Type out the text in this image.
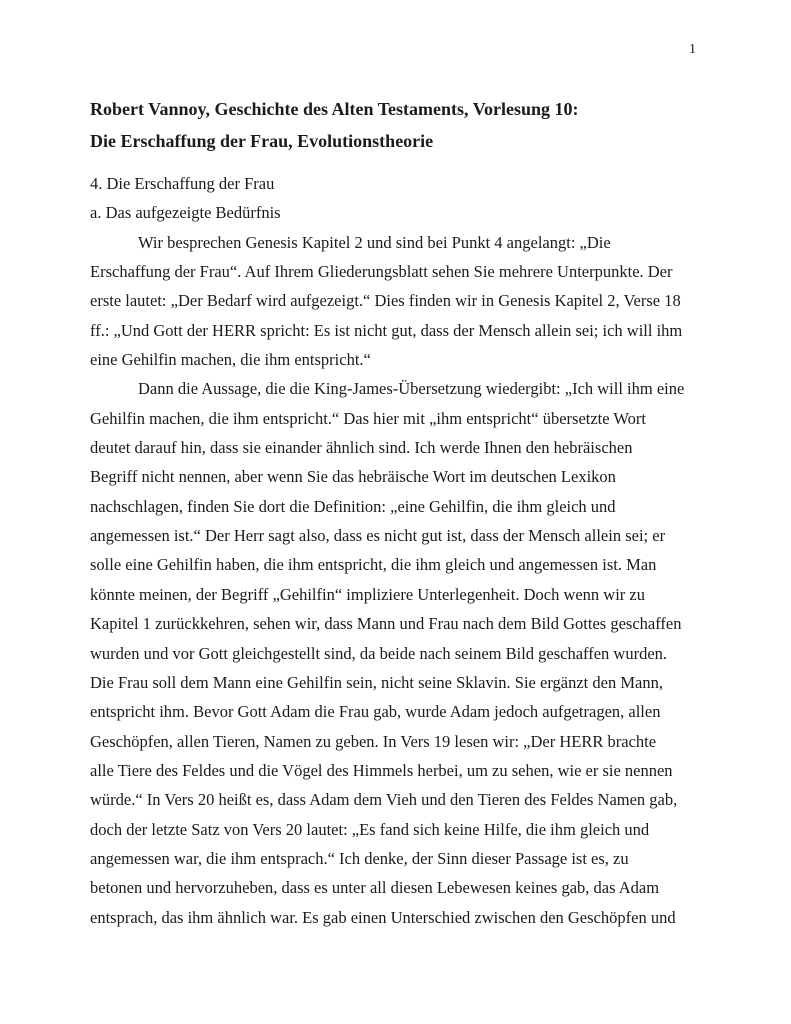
1
Robert Vannoy, Geschichte des Alten Testaments, Vorlesung 10:
Die Erschaffung der Frau, Evolutionstheorie
4. Die Erschaffung der Frau
a. Das aufgezeigte Bedürfnis
Wir besprechen Genesis Kapitel 2 und sind bei Punkt 4 angelangt: „Die
Erschaffung der Frau“. Auf Ihrem Gliederungsblatt sehen Sie mehrere Unterpunkte. Der
erste lautet: „Der Bedarf wird aufgezeigt.“ Dies finden wir in Genesis Kapitel 2, Verse 18
ff.: „Und Gott der HERR spricht: Es ist nicht gut, dass der Mensch allein sei; ich will ihm
eine Gehilfin machen, die ihm entspricht.“
Dann die Aussage, die die King-James-Übersetzung wiedergibt: „Ich will ihm eine
Gehilfin machen, die ihm entspricht.“ Das hier mit „ihm entspricht“ übersetzte Wort
deutet darauf hin, dass sie einander ähnlich sind. Ich werde Ihnen den hebräischen
Begriff nicht nennen, aber wenn Sie das hebräische Wort im deutschen Lexikon
nachschlagen, finden Sie dort die Definition: „eine Gehilfin, die ihm gleich und
angemessen ist.“ Der Herr sagt also, dass es nicht gut ist, dass der Mensch allein sei; er
solle eine Gehilfin haben, die ihm entspricht, die ihm gleich und angemessen ist. Man
könnte meinen, der Begriff „Gehilfin“ impliziere Unterlegenheit. Doch wenn wir zu
Kapitel 1 zurückkehren, sehen wir, dass Mann und Frau nach dem Bild Gottes geschaffen
wurden und vor Gott gleichgestellt sind, da beide nach seinem Bild geschaffen wurden.
Die Frau soll dem Mann eine Gehilfin sein, nicht seine Sklavin. Sie ergänzt den Mann,
entspricht ihm. Bevor Gott Adam die Frau gab, wurde Adam jedoch aufgetragen, allen
Geschöpfen, allen Tieren, Namen zu geben. In Vers 19 lesen wir: „Der HERR brachte
alle Tiere des Feldes und die Vögel des Himmels herbei, um zu sehen, wie er sie nennen
würde.“ In Vers 20 heißt es, dass Adam dem Vieh und den Tieren des Feldes Namen gab,
doch der letzte Satz von Vers 20 lautet: „Es fand sich keine Hilfe, die ihm gleich und
angemessen war, die ihm entsprach.“ Ich denke, der Sinn dieser Passage ist es, zu
betonen und hervorzuheben, dass es unter all diesen Lebewesen keines gab, das Adam
entsprach, das ihm ähnlich war. Es gab einen Unterschied zwischen den Geschöpfen und
